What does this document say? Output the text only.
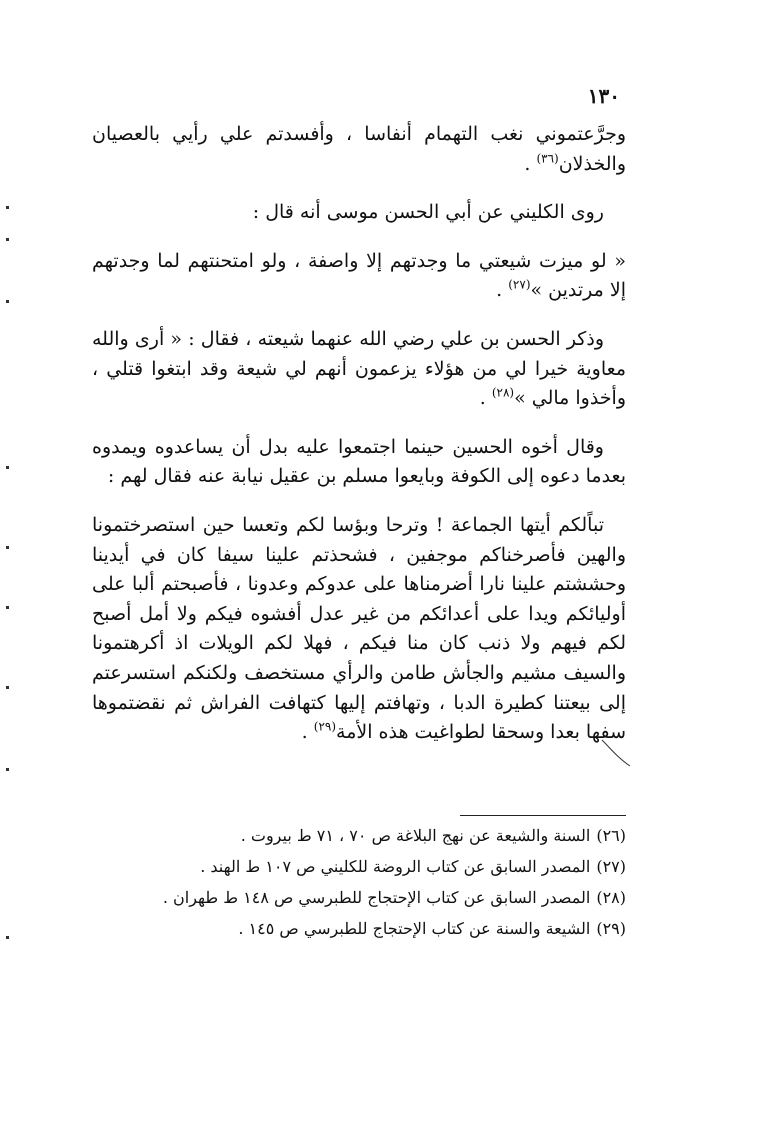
١٣٠

وجرَّعتموني نغب التهمام أنفاسا ، وأفسدتم علي رأيي بالعصيان والخذلان$^{(٣٦)}$ .

روى الكليني عن أبي الحسن موسى أنه قال :

« لو ميزت شيعتي ما وجدتهم إلا واصفة ، ولو امتحنتهم لما وجدتهم إلا مرتدين »$^{(٢٧)}$ .

وذكر الحسن بن علي رضي الله عنهما شيعته ، فقال : « أرى والله معاوية خيرا لي من هؤلاء يزعمون أنهم لي شيعة وقد ابتغوا قتلي ، وأخذوا مالي »$^{(٢٨)}$ .

وقال أخوه الحسين حينما اجتمعوا عليه بدل أن يساعدوه ويمدوه بعدما دعوه إلى الكوفة وبايعوا مسلم بن عقيل نيابة عنه فقال لهم :

تباًلكم أيتها الجماعة ! وترحا وبؤسا لكم وتعسا حين استصرختمونا والهين فأصرخناكم موجفين ، فشحذتم علينا سيفا كان في أيدينا وحششتم علينا نارا أضرمناها على عدوكم وعدونا ، فأصبحتم ألبا على أوليائكم ويدا على أعدائكم من غير عدل أفشوه فيكم ولا أمل أصبح لكم فيهم ولا ذنب كان منا فيكم ، فهلا لكم الويلات اذ أكرهتمونا والسيف مشيم والجأش طامن والرأي مستخصف ولكنكم استسرعتم إلى بيعتنا كطيرة الدبا ، وتهافتم إليها كتهافت الفراش ثم نقضتموها سفها بعدا وسحقا لطواغيت هذه الأمة$^{(٢٩)}$ .

(٢٦)السنة والشيعة عن نهج البلاغة ص ٧٠ ، ٧١ ط بيروت .
(٢٧)المصدر السابق عن كتاب الروضة للكليني ص ١٠٧ ط الهند .
(٢٨)المصدر السابق عن كتاب الإحتجاج للطبرسي ص ١٤٨ ط طهران .
(٢٩)الشيعة والسنة عن كتاب الإحتجاج للطبرسي ص ١٤٥ .
